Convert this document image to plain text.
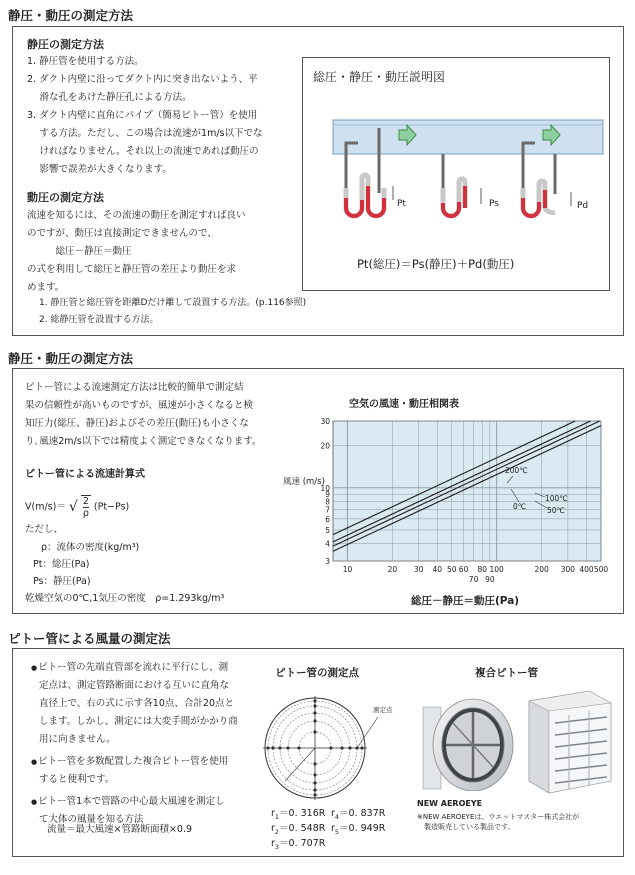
静圧・動圧の測定方法
静圧の測定方法
1. 静圧管を使用する方法。
2. ダクト内壁に沿ってダクト内に突き出ないよう、平
　 滑な孔をあけた静圧孔による方法。
3. ダクト内壁に直角にパイプ（簡易ピトー管）を使用
　 する方法。ただし、この場合は流速が1m/s以下でな
　 ければなりません。それ以上の流速であれば動圧の
　 影響で誤差が大きくなります。
動圧の測定方法
流速を知るには、その流速の動圧を測定すれば良い
のですが、動圧は直接測定できませんので、
　　　総圧－静圧＝動圧
の式を利用して総圧と静圧管の差圧より動圧を求
めます。
1. 静圧管と総圧管を距離Dだけ離して設置する方法。(p.116参照)
2. 総静圧管を設置する方法。
総圧・静圧・動圧説明図
Pt	Ps	Pd
Pt(総圧)＝Ps(静圧)＋Pd(動圧)
静圧・動圧の測定方法
ピトー管による流速測定方法は比較的簡単で測定結
果の信頼性が高いものですが、風速が小さくなると検
知圧力(総圧、静圧)およびその差圧(動圧)も小さくな
り､風速2m/s以下では精度よく測定できなくなります。
ピトー管による流速計算式
V(m/s)＝ √ $\frac{2}{\rho} (Pt-Ps)$
ただし、
ρ：流体の密度(kg/m³)
Pt：総圧(Pa)
Ps：静圧(Pa)
乾燥空気の0℃,1気圧の密度　ρ=1.293kg/m³
空気の風速・動圧相関表
風速 (m/s)
3
4
5
6
7
8
9
10
20
30
10	20 30 40 50 60
70
80
90
100	200 300 400 500
0℃	50℃
100℃
200℃
総圧－静圧＝動圧(Pa)
ピトー管による風量の測定法
●ピトー管の先端直管部を流れに平行にし、測
定点は、測定管路断面における互いに直角な
直径上で、右の式に示す各10点、合計20点と
します。しかし、測定には大変手間がかかり商
用に向きません。
●ピトー管を多数配置した複合ピトー管を使用
すると便利です。
●ピトー管1本で管路の中心最大風速を測定し
て大体の風量を知る方法
流量＝最大風速×管路断面積×0.9
ピトー管の測定点
測定点
$r_1=0$. 316R
$r_2=0$. 548R
$r_3=0$. 707R
$r_4=0$. 837R
$r_5=0$. 949R
複合ピトー管
NEW AEROEYE
※NEW AEROEYEは、ウエットマスター株式会社が
　製造販売している製品です。
